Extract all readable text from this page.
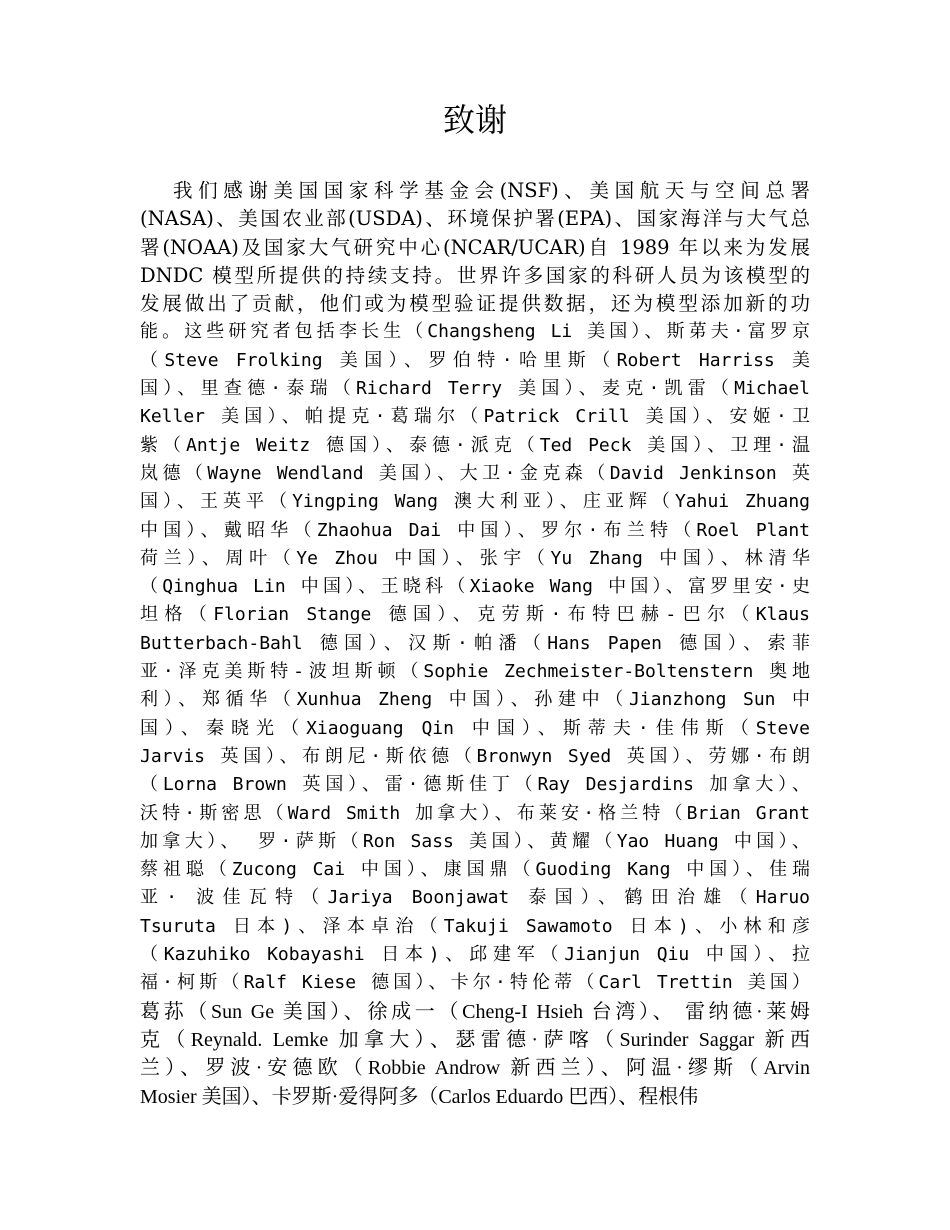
致谢
我们感谢美国国家科学基金会(NSF)、美国航天与空间总署
(NASA)、美国农业部(USDA)、环境保护署(EPA)、国家海洋与大气总
署(NOAA)及国家大气研究中心(NCAR/UCAR)自 1989 年以来为发展
DNDC 模型所提供的持续支持。世界许多国家的科研人员为该模型的
发展做出了贡献，他们或为模型验证提供数据，还为模型添加新的功
能。这些研究者包括李长生（Changsheng Li 美国）、斯苐夫·富罗京
（Steve Frolking 美国）、罗伯特·哈里斯（Robert Harriss 美
国）、里查德·泰瑞（Richard Terry 美国）、麦克·凯雷（Michael
Keller 美国）、帕提克·葛瑞尔（Patrick Crill 美国）、安姬·卫
紫（Antje Weitz 德国）、泰德·派克（Ted Peck 美国）、卫理·温
岚德（Wayne Wendland 美国）、大卫·金克森（David Jenkinson 英
国）、王英平（Yingping Wang 澳大利亚）、庄亚辉（Yahui Zhuang
中国）、戴昭华（Zhaohua Dai 中国）、罗尔·布兰特（Roel Plant
荷兰）、周叶（Ye Zhou 中国）、张宇（Yu Zhang 中国）、林清华
（Qinghua Lin 中国）、王晓科（Xiaoke Wang 中国）、富罗里安·史
坦格（Florian Stange 德国）、克劳斯·布特巴赫-巴尔（Klaus
Butterbach-Bahl 德国）、汉斯·帕潘（Hans Papen 德国）、索菲
亚·泽克美斯特-波坦斯顿（Sophie Zechmeister-Boltenstern 奥地
利）、郑循华（Xunhua Zheng 中国）、孙建中（Jianzhong Sun 中
国）、秦晓光（Xiaoguang Qin 中国）、斯蒂夫·佳伟斯（Steve
Jarvis 英国）、布朗尼·斯依德（Bronwyn Syed 英国）、劳娜·布朗
（Lorna Brown 英国）、雷·德斯佳丁（Ray Desjardins 加拿大）、
沃特·斯密思（Ward Smith 加拿大）、布莱安·格兰特（Brian Grant
加拿大）、 罗·萨斯（Ron Sass 美国）、黄耀（Yao Huang 中国）、
蔡祖聪（Zucong Cai 中国）、康国鼎（Guoding Kang 中国）、佳瑞
亚· 波佳瓦特（Jariya Boonjawat 泰国）、鹤田治雄（Haruo
Tsuruta 日本)、泽本卓治（Takuji Sawamoto 日本)、小林和彦
（Kazuhiko Kobayashi 日本)、邱建军（Jianjun Qiu 中国）、拉
福·柯斯（Ralf Kiese 德国）、卡尔·特伦蒂（Carl Trettin 美国）
葛荪（Sun Ge 美国）、徐成一（Cheng-I Hsieh 台湾）、 雷纳德·莱姆
克（Reynald. Lemke 加拿大）、瑟雷德·萨喀（Surinder Saggar 新西
兰）、罗波·安德欧（Robbie Androw 新西兰）、阿温·缪斯（Arvin
Mosier 美国）、卡罗斯·爱得阿多（Carlos Eduardo 巴西）、程根伟
